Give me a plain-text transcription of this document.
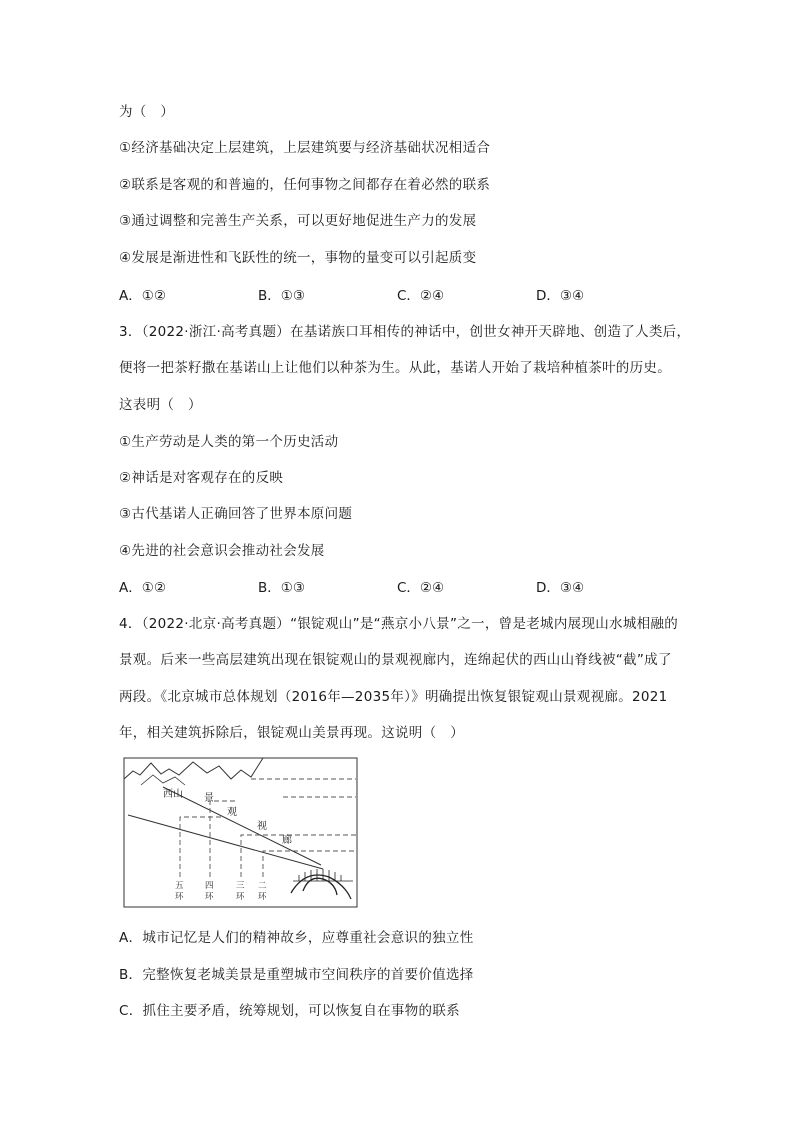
为（　）
①经济基础决定上层建筑，上层建筑要与经济基础状况相适合
②联系是客观的和普遍的，任何事物之间都存在着必然的联系
③通过调整和完善生产关系，可以更好地促进生产力的发展
④发展是渐进性和飞跃性的统一，事物的量变可以引起质变
A．①②	B．①③	C．②④	D．③④
3．（2022·浙江·高考真题）在基诺族口耳相传的神话中，创世女神开天辟地、创造了人类后，
便将一把茶籽撒在基诺山上让他们以种茶为生。从此，基诺人开始了栽培种植茶叶的历史。
这表明（　）
①生产劳动是人类的第一个历史活动
②神话是对客观存在的反映
③古代基诺人正确回答了世界本原问题
④先进的社会意识会推动社会发展
A．①②	B．①③	C．②④	D．③④
4．（2022·北京·高考真题）“银锭观山”是“燕京小八景”之一，曾是老城内展现山水城相融的
景观。后来一些高层建筑出现在银锭观山的景观视廊内，连绵起伏的西山山脊线被“截”成了
两段。《北京城市总体规划（2016年—2035年）》明确提出恢复银锭观山景观视廊。2021
年，相关建筑拆除后，银锭观山美景再现。这说明（　）
西山 景
观
视
廊
五
环
四
环
三
环
二
环
A．城市记忆是人们的精神故乡，应尊重社会意识的独立性
B．完整恢复老城美景是重塑城市空间秩序的首要价值选择
C．抓住主要矛盾，统筹规划，可以恢复自在事物的联系
